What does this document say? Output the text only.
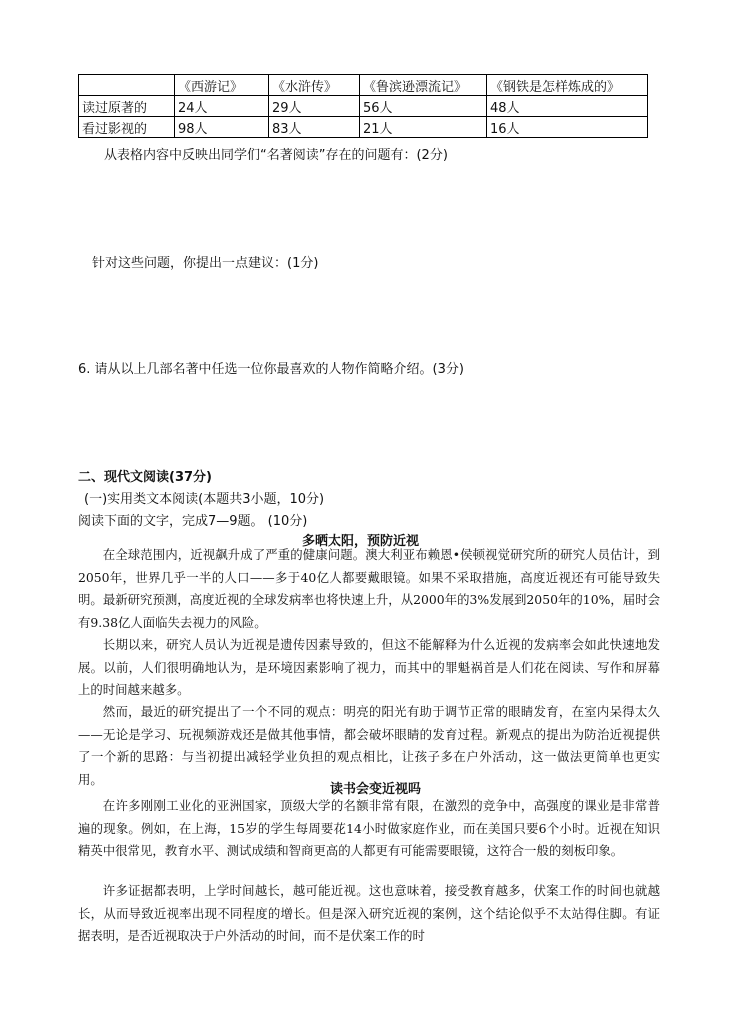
	《西游记》	《水浒传》	《鲁滨逊漂流记》	《钢铁是怎样炼成的》
读过原著的	24人	29人	56人	48人
看过影视的	98人	83人	21人	16人
从表格内容中反映出同学们“名著阅读”存在的问题有：(2分)
针对这些问题，你提出一点建议：(1分)
6. 请从以上几部名著中任选一位你最喜欢的人物作简略介绍。(3分)
二、现代文阅读(37分)
(一)实用类文本阅读(本题共3小题，10分)
阅读下面的文字，完成7—9题。 (10分)
多晒太阳，预防近视

在全球范围内，近视飙升成了严重的健康问题。澳大利亚布赖恩•侯顿视觉研究所的研究人员估计，到2050年，世界几乎一半的人口——多于40亿人都要戴眼镜。如果不采取措施，高度近视还有可能导致失明。最新研究预测，高度近视的全球发病率也将快速上升，从2000年的3%发展到2050年的10%，届时会有9.38亿人面临失去视力的风险。

长期以来，研究人员认为近视是遗传因素导致的，但这不能解释为什么近视的发病率会如此快速地发展。以前，人们很明确地认为，是环境因素影响了视力，而其中的罪魁祸首是人们花在阅读、写作和屏幕上的时间越来越多。

然而，最近的研究提出了一个不同的观点：明亮的阳光有助于调节正常的眼睛发育，在室内呆得太久——无论是学习、玩视频游戏还是做其他事情，都会破坏眼睛的发育过程。新观点的提出为防治近视提供了一个新的思路：与当初提出减轻学业负担的观点相比，让孩子多在户外活动，这一做法更简单也更实用。

读书会变近视吗

在许多刚刚工业化的亚洲国家，顶级大学的名额非常有限，在激烈的竞争中，高强度的课业是非常普遍的现象。例如，在上海，15岁的学生每周要花14小时做家庭作业，而在美国只要6个小时。近视在知识精英中很常见，教育水平、测试成绩和智商更高的人都更有可能需要眼镜，这符合一般的刻板印象。

许多证据都表明，上学时间越长，越可能近视。这也意味着，接受教育越多，伏案工作的时间也就越长，从而导致近视率出现不同程度的增长。但是深入研究近视的案例，这个结论似乎不太站得住脚。有证据表明，是否近视取决于户外活动的时间，而不是伏案工作的时
